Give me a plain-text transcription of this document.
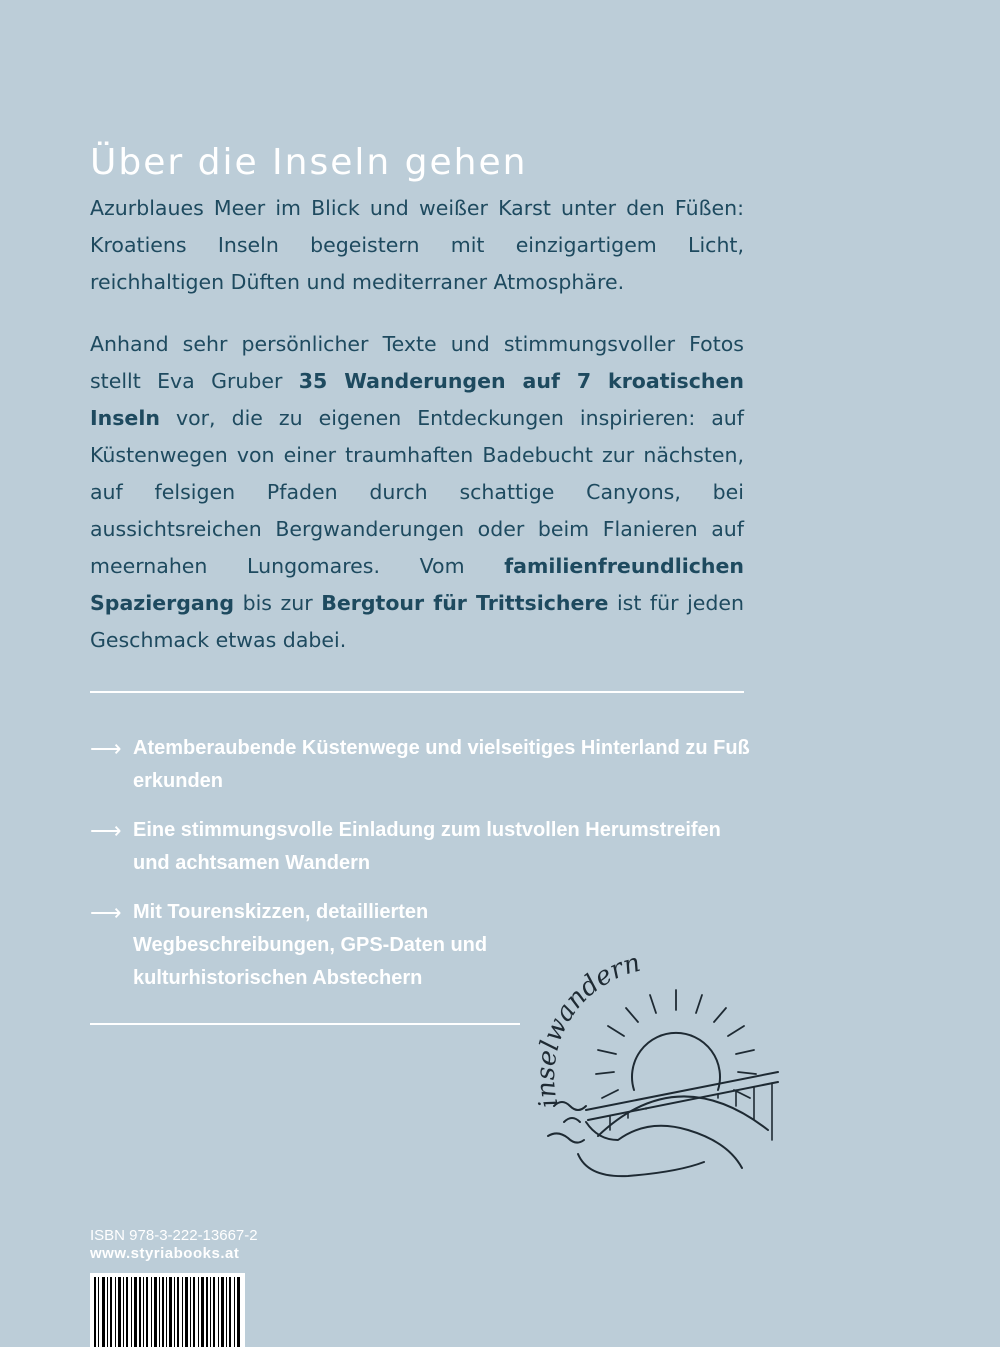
Über die Inseln gehen

Azurblaues Meer im Blick und weißer Karst unter den Füßen: Kroatiens Inseln begeistern mit einzigartigem Licht, reichhaltigen Düften und mediterraner Atmosphäre.

Anhand sehr persönlicher Texte und stimmungsvoller Fotos stellt Eva Gruber 35 Wanderungen auf 7 kroatischen Inseln vor, die zu eigenen Entdeckungen inspirieren: auf Küstenwegen von einer traumhaften Badebucht zur nächsten, auf felsigen Pfaden durch schattige Canyons, bei aussichtsreichen Bergwanderungen oder beim Flanieren auf meernahen Lungomares. Vom familienfreundlichen Spaziergang bis zur Bergtour für Trittsichere ist für jeden Geschmack etwas dabei.

⟶ Atemberaubende Küstenwege und vielseitiges Hinterland zu Fuß erkunden
⟶ Eine stimmungsvolle Einladung zum lustvollen Herumstreifen und achtsamen Wandern
⟶ Mit Tourenskizzen, detaillierten Wegbeschreibungen, GPS-Daten und kulturhistorischen Abstechern
inselwandern
ISBN 978-3-222-13667-2
www.styriabooks.at
